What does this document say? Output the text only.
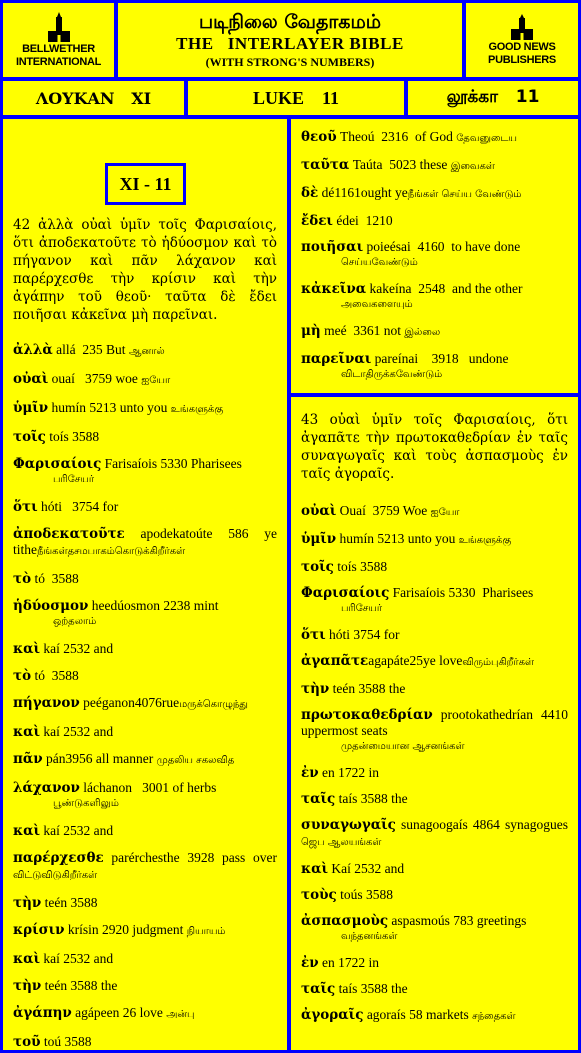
BELLWETHER
INTERNATIONAL
படிநிலை வேதாகமம்
THE   INTERLAYER BIBLE
(WITH STRONG'S NUMBERS)
GOOD NEWS
PUBLISHERS
ΛΟΥΚΑΝ   XI	LUKE    11	லூக்கா   11
XI - 11

42 ἀλλὰ οὐαὶ ὑμῖν τοῖς Φαρισαίοις, ὅτι ἀποδεκατοῦτε τὸ ἡδύοσμον καὶ τὸ πήγανον καὶ πᾶν λάχανον καὶ παρέρχεσθε τὴν κρίσιν καὶ τὴν ἀγάπην τοῦ θεοῦ· ταῦτα δὲ ἔδει ποιῆσαι κἀκεῖνα μὴ παρεῖναι.

ἀλλὰ allá  235 But ஆனால்

οὐαὶ ouaí   3759 woe ஐயோ

ὑμῖν humín 5213 unto you உங்களுக்கு

τοῖς toís 3588

Φαρισαίοις Farisaíois 5330 Pharisees
பரிசேயர்

ὅτι hóti   3754 for

ἀποδεκατοῦτε apodekatoúte 586 ye titheநீங்கள்தசமபாகம்கொடுக்கிறீர்கள்

τὸ tó  3588

ἡδύοσμον heedúosmon 2238 mint
ஒற்தலாம்

καὶ kaí 2532 and

τὸ tó  3588

πήγανον peéganon4076rueமருக்கொழுந்து

καὶ kaí 2532 and

πᾶν pán3956 all manner முதலிய சகலவித

λάχανον láchanon   3001 of herbs
பூண்டுகளிலும்

καὶ kaí 2532 and

παρέρχεσθε parérchesthe 3928 pass over விட்டுவிடுகிறீர்கள்

τὴν teén 3588

κρίσιν krísin 2920 judgment நியாயம்

καὶ kaí 2532 and

τὴν teén 3588 the

ἀγάπην agápeen 26 love அன்பு

τοῦ toú 3588

θεοῦ Theoú  2316  of God தேவனுடைய

ταῦτα Taúta  5023 these இவைகள்

δὲ dé1161ought yeநீங்கள் செய்ய வேண்டும்

ἔδει édei  1210

ποιῆσαι poieésai  4160  to have done
செய்யவேண்டும்

κἀκεῖνα kakeína  2548  and the other
அவைகளையும்

μὴ meé  3361 not இல்லை

παρεῖναι pareínai    3918   undone
விடாதிருக்கவேண்டும்

43 οὐαὶ ὑμῖν τοῖς Φαρισαίοις, ὅτι ἀγαπᾶτε τὴν πρωτοκαθεδρίαν ἐν ταῖς συναγωγαῖς καὶ τοὺς ἀσπασμοὺς ἐν ταῖς ἀγοραῖς.

οὐαὶ Ouaí  3759 Woe ஐயோ

ὑμῖν humín 5213 unto you உங்களுக்கு

τοῖς toís 3588

Φαρισαίοις Farisaíois 5330  Pharisees
பரிசேயர்

ὅτι hóti 3754 for

ἀγαπᾶτεagapáte25ye loveவிரும்புகிறீர்கள்

τὴν teén 3588 the

πρωτοκαθεδρίαν prootokathedrían 4410 uppermost seats
முதன்மையான ஆசனங்கள்

ἐν en 1722 in

ταῖς taís 3588 the

συναγωγαῖς sunagoogaís 4864 synagogues ஜெப ஆலயங்கள்

καὶ Kaí 2532 and

τοὺς toús 3588

ἀσπασμοὺς aspasmoús 783 greetings
வந்தனங்கள்

ἐν en 1722 in

ταῖς taís 3588 the

ἀγοραῖς agoraís 58 markets சந்தைகள்
